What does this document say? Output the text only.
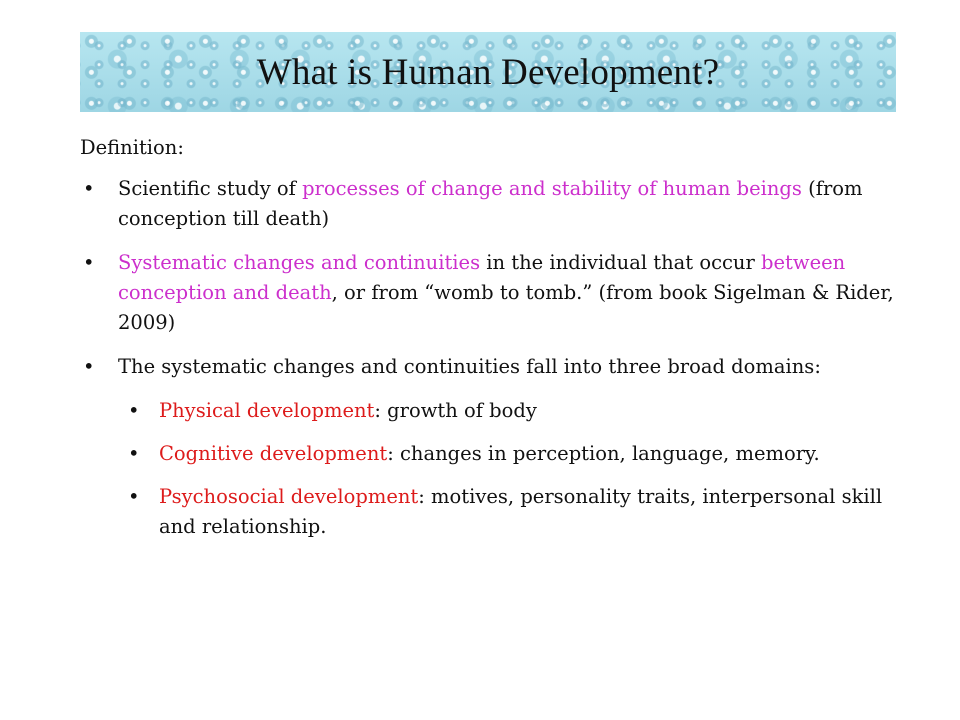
What is Human Development?

Definition:

• Scientific study of processes of change and stability of human beings (from conception till death)

• Systematic changes and continuities in the individual that occur between conception and death, or from “womb to tomb.” (from book Sigelman & Rider, 2009)

• The systematic changes and continuities fall into three broad domains:

• Physical development: growth of body

• Cognitive development: changes in perception, language, memory.

• Psychosocial development: motives, personality traits, interpersonal skill and relationship.
